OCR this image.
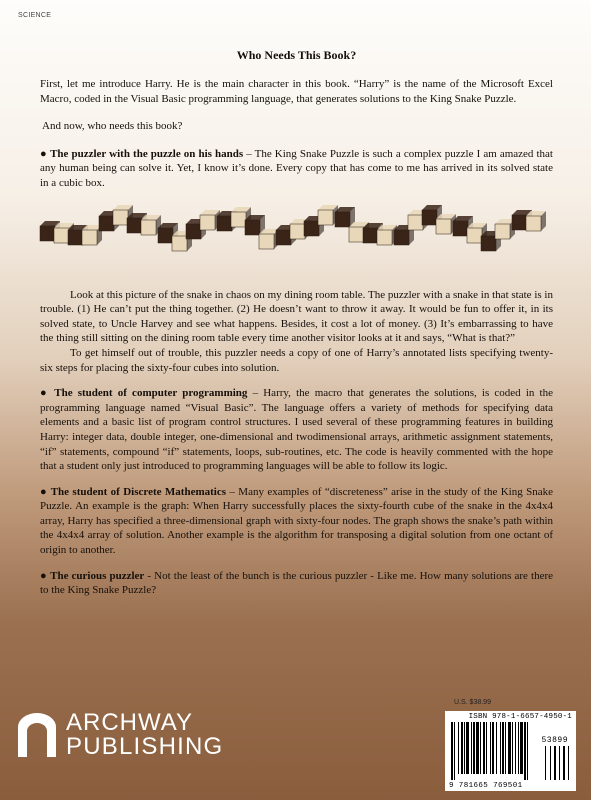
SCIENCE
Who Needs This Book?

First, let me introduce Harry. He is the main character in this book. “Harry” is the name of the Microsoft Excel Macro, coded in the Visual Basic programming language, that generates solutions to the King Snake Puzzle.

And now, who needs this book?

● The puzzler with the puzzle on his hands – The King Snake Puzzle is such a complex puzzle I am amazed that any human being can solve it. Yet, I know it’s done. Every copy that has come to me has arrived in its solved state in a cubic box.

Look at this picture of the snake in chaos on my dining room table. The puzzler with a snake in that state is in trouble. (1) He can’t put the thing together. (2) He doesn’t want to throw it away. It would be fun to offer it, in its solved state, to Uncle Harvey and see what happens. Besides, it cost a lot of money. (3) It’s embarrassing to have the thing still sitting on the dining room table every time another visitor looks at it and says, “What is that?”

To get himself out of trouble, this puzzler needs a copy of one of Harry’s annotated lists specifying twenty-six steps for placing the sixty-four cubes into solution.

● The student of computer programming – Harry, the macro that generates the solutions, is coded in the programming language named “Visual Basic”. The language offers a variety of methods for specifying data elements and a basic list of program control structures. I used several of these programming features in building Harry: integer data, double integer, one-dimensional and twodimensional arrays, arithmetic assignment statements, “if” statements, compound “if” statements, loops, sub-routines, etc. The code is heavily commented with the hope that a student only just introduced to programming languages will be able to follow its logic.

● The student of Discrete Mathematics – Many examples of “discreteness” arise in the study of the King Snake Puzzle. An example is the graph: When Harry successfully places the sixty-fourth cube of the snake in the 4x4x4 array, Harry has specified a three-dimensional graph with sixty-four nodes. The graph shows the snake’s path within the 4x4x4 array of solution. Another example is the algorithm for transposing a digital solution from one octant of origin to another.

● The curious puzzler - Not the least of the bunch is the curious puzzler - Like me. How many solutions are there to the King Snake Puzzle?

ARCHWAY
PUBLISHING
U.S. $38.99
ISBN 978-1-6657-4950-1
53899
9 781665 769501
